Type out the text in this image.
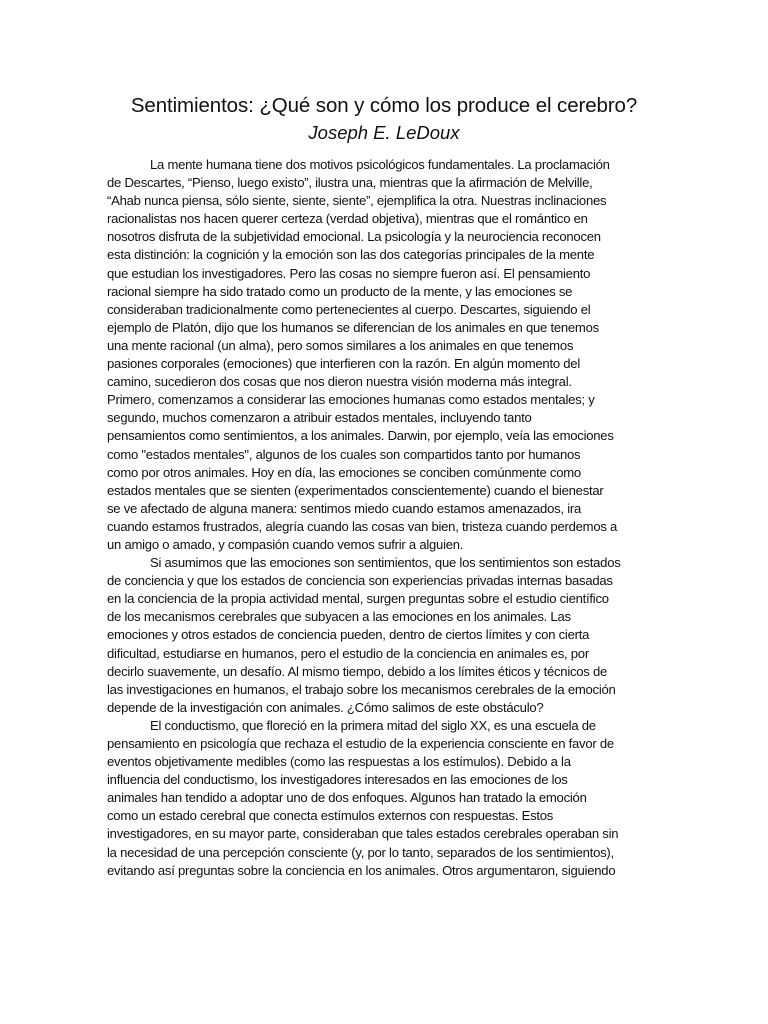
Sentimientos: ¿Qué son y cómo los produce el cerebro?
Joseph E. LeDoux
La mente humana tiene dos motivos psicológicos fundamentales. La proclamación
de Descartes, “Pienso, luego existo”, ilustra una, mientras que la afirmación de Melville,
“Ahab nunca piensa, sólo siente, siente, siente”, ejemplifica la otra. Nuestras inclinaciones
racionalistas nos hacen querer certeza (verdad objetiva), mientras que el romántico en
nosotros disfruta de la subjetividad emocional. La psicología y la neurociencia reconocen
esta distinción: la cognición y la emoción son las dos categorías principales de la mente
que estudian los investigadores. Pero las cosas no siempre fueron así. El pensamiento
racional siempre ha sido tratado como un producto de la mente, y las emociones se
consideraban tradicionalmente como pertenecientes al cuerpo. Descartes, siguiendo el
ejemplo de Platón, dijo que los humanos se diferencian de los animales en que tenemos
una mente racional (un alma), pero somos similares a los animales en que tenemos
pasiones corporales (emociones) que interfieren con la razón. En algún momento del
camino, sucedieron dos cosas que nos dieron nuestra visión moderna más integral.
Primero, comenzamos a considerar las emociones humanas como estados mentales; y
segundo, muchos comenzaron a atribuir estados mentales, incluyendo tanto
pensamientos como sentimientos, a los animales. Darwin, por ejemplo, veía las emociones
como "estados mentales", algunos de los cuales son compartidos tanto por humanos
como por otros animales. Hoy en día, las emociones se conciben comúnmente como
estados mentales que se sienten (experimentados conscientemente) cuando el bienestar
se ve afectado de alguna manera: sentimos miedo cuando estamos amenazados, ira
cuando estamos frustrados, alegría cuando las cosas van bien, tristeza cuando perdemos a
un amigo o amado, y compasión cuando vemos sufrir a alguien.
Si asumimos que las emociones son sentimientos, que los sentimientos son estados
de conciencia y que los estados de conciencia son experiencias privadas internas basadas
en la conciencia de la propia actividad mental, surgen preguntas sobre el estudio científico
de los mecanismos cerebrales que subyacen a las emociones en los animales. Las
emociones y otros estados de conciencia pueden, dentro de ciertos límites y con cierta
dificultad, estudiarse en humanos, pero el estudio de la conciencia en animales es, por
decirlo suavemente, un desafío. Al mismo tiempo, debido a los límites éticos y técnicos de
las investigaciones en humanos, el trabajo sobre los mecanismos cerebrales de la emoción
depende de la investigación con animales. ¿Cómo salimos de este obstáculo?
El conductismo, que floreció en la primera mitad del siglo XX, es una escuela de
pensamiento en psicología que rechaza el estudio de la experiencia consciente en favor de
eventos objetivamente medibles (como las respuestas a los estímulos). Debido a la
influencia del conductismo, los investigadores interesados en las emociones de los
animales han tendido a adoptar uno de dos enfoques. Algunos han tratado la emoción
como un estado cerebral que conecta estímulos externos con respuestas. Estos
investigadores, en su mayor parte, consideraban que tales estados cerebrales operaban sin
la necesidad de una percepción consciente (y, por lo tanto, separados de los sentimientos),
evitando así preguntas sobre la conciencia en los animales. Otros argumentaron, siguiendo
